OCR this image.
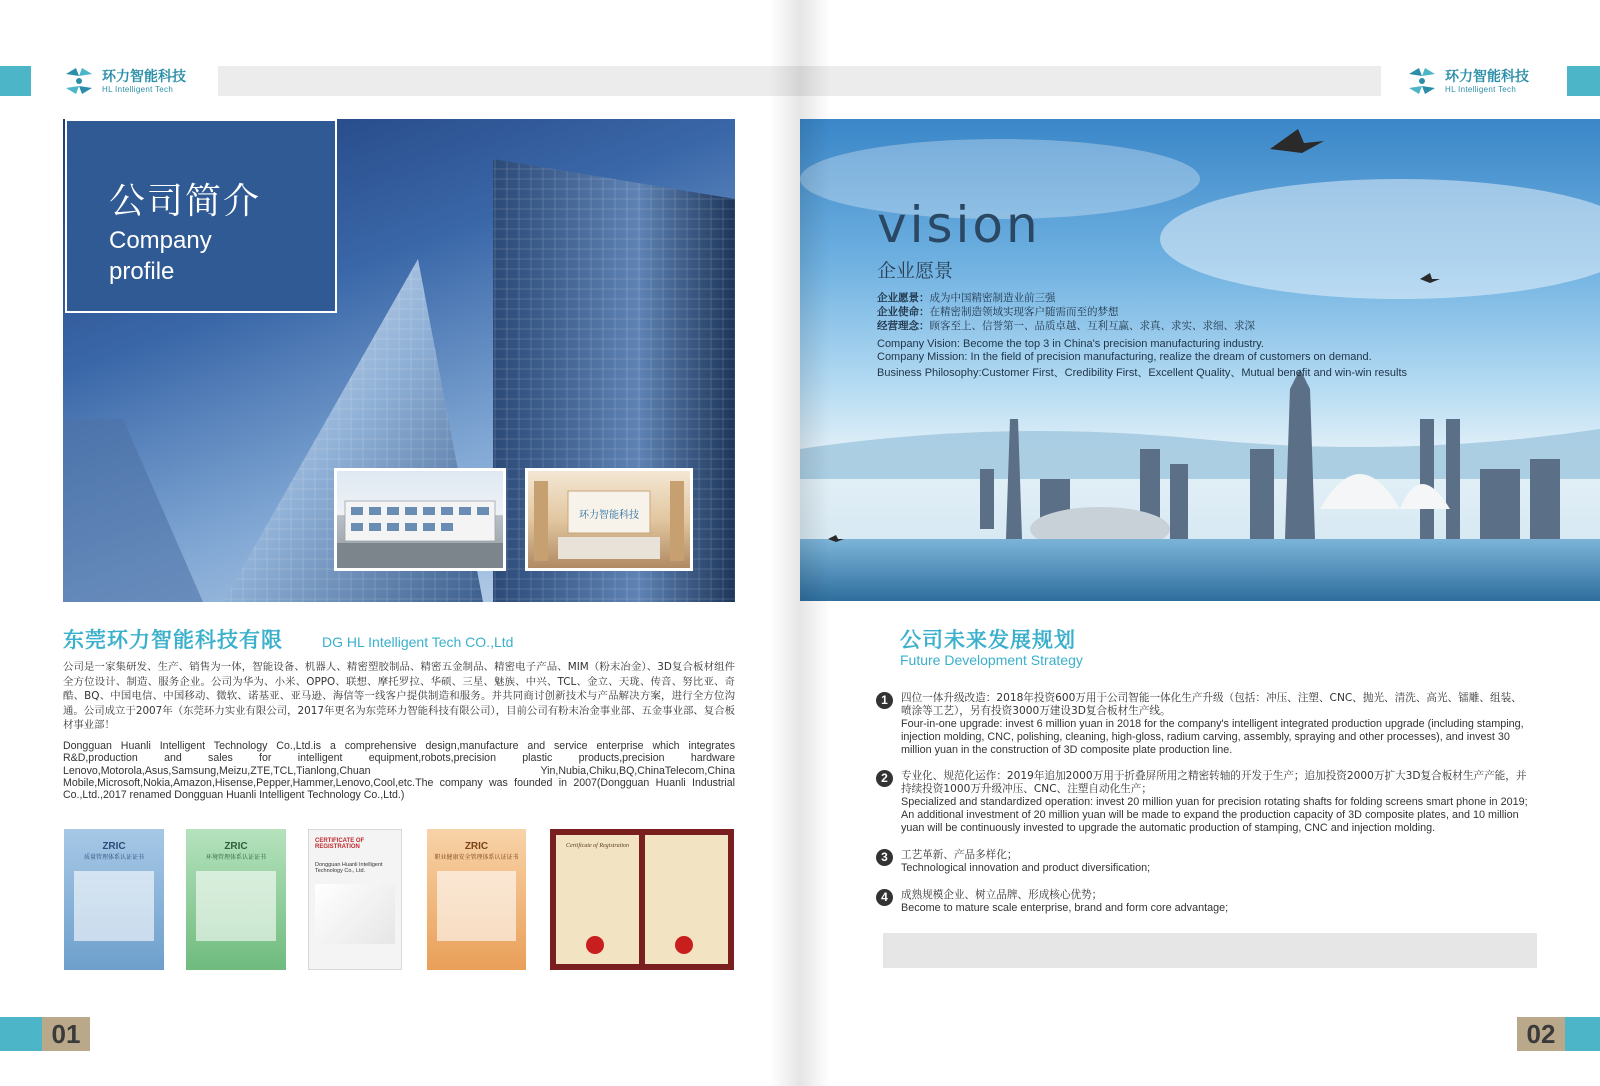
环力智能科技
HL Intelligent Tech
环力智能科技
HL Intelligent Tech
公司简介
Company
profile
环力智能科技
东莞环力智能科技有限	DG HL Intelligent Tech CO.,Ltd
公司是一家集研发、生产、销售为一体，智能设备、机器人、精密塑胶制品、精密五金制品、精密电子产品、MIM（粉末冶金）、3D复合板材组件全方位设计、制造、服务企业。公司为华为、小米、OPPO、联想、摩托罗拉、华硕、三星、魅族、中兴、TCL、金立、天珑、传音、努比亚、奇酷、BQ、中国电信、中国移动、微软、诺基亚、亚马逊、海信等一线客户提供制造和服务。并共同商讨创新技术与产品解决方案，进行全方位沟通。公司成立于2007年（东莞环力实业有限公司，2017年更名为东莞环力智能科技有限公司），目前公司有粉末冶金事业部、五金事业部、复合板材事业部！
Dongguan Huanli Intelligent Technology Co.,Ltd.is a comprehensive design,manufacture and service enterprise which integrates R&D,production and sales for intelligent equipment,robots,precision plastic products,precision hardware Lenovo,Motorola,Asus,Samsung,Meizu,ZTE,TCL,Tianlong,Chuan Yin,Nubia,Chiku,BQ,ChinaTelecom,China Mobile,Microsoft,Nokia,Amazon,Hisense,Pepper,Hammer,Lenovo,Cool,etc.The company was founded in 2007(Dongguan Huanli Industrial Co.,Ltd.,2017 renamed Dongguan Huanli Intelligent Technology Co.,Ltd.)
ZRIC
质量管理体系认证证书
ZRIC
环境管理体系认证证书
CERTIFICATE OF REGISTRATION
Dongguan Huanli Intelligent Technology Co., Ltd.
ZRIC
职业健康安全管理体系认证证书
Certificate of Registration
01
vision
企业愿景
企业愿景：成为中国精密制造业前三强
企业使命：在精密制造领域实现客户随需而至的梦想
经营理念：顾客至上、信誉第一、品质卓越、互利互赢、求真、求实、求细、求深
Company Vision: Become the top 3 in China's precision manufacturing industry.
Company Mission: In the field of precision manufacturing, realize the dream of customers on demand.
Business Philosophy:Customer First、Credibility First、Excellent Quality、Mutual benefit and win-win results
公司未来发展规划
Future Development Strategy
1	四位一体升级改造：2018年投资600万用于公司智能一体化生产升级（包括：冲压、注塑、CNC、抛光、清洗、高光、镭雕、组装、喷涂等工艺），另有投资3000万建设3D复合板材生产线。
Four-in-one upgrade: invest 6 million yuan in 2018 for the company's intelligent integrated production upgrade (including stamping, injection molding, CNC, polishing, cleaning, high-gloss, radium carving, assembly, spraying and other processes), and invest 30 million yuan in the construction of 3D composite plate production line.
2	专业化、规范化运作：2019年追加2000万用于折叠屏所用之精密转轴的开发于生产；追加投资2000万扩大3D复合板材生产产能，并持续投资1000万升级冲压、CNC、注塑自动化生产；
Specialized and standardized operation: invest 20 million yuan for precision rotating shafts for folding screens smart phone in 2019; An additional investment of 20 million yuan will be made to expand the production capacity of 3D composite plates, and 10 million yuan will be continuously invested to upgrade the automatic production of stamping, CNC and injection molding.
3	工艺革新、产品多样化；
Technological innovation and product diversification;
4	成熟规模企业、树立品牌、形成核心优势；
Become to mature scale enterprise, brand and form core advantage;
02
